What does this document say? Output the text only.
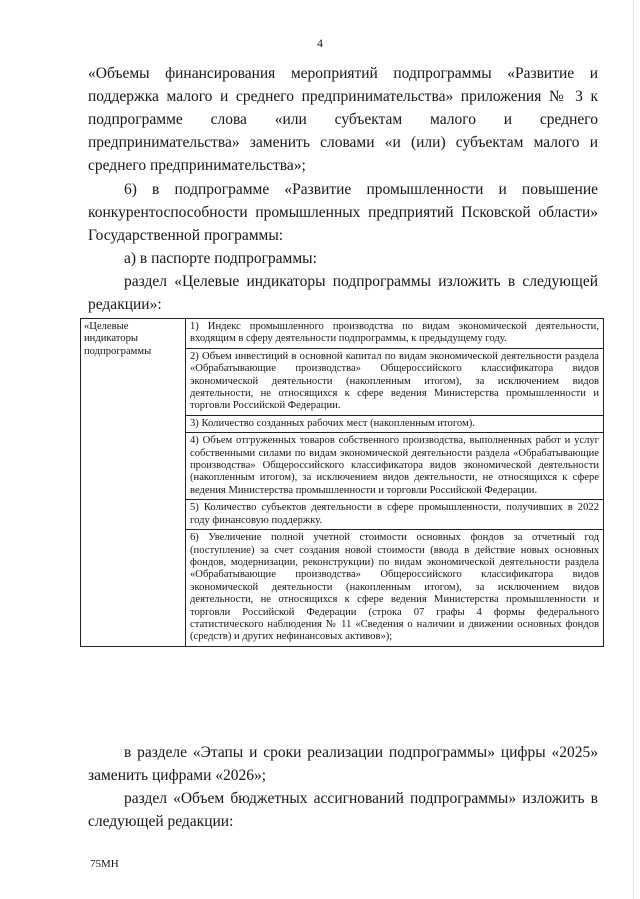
4
«Объемы финансирования мероприятий подпрограммы «Развитие и поддержка малого и среднего предпринимательства» приложения № 3 к подпрограмме слова «или субъектам малого и среднего предпринимательства» заменить словами «и (или) субъектам малого и среднего предпринимательства»;
6) в подпрограмме «Развитие промышленности и повышение конкурентоспособности промышленных предприятий Псковской области» Государственной программы:
а) в паспорте подпрограммы:
раздел «Целевые индикаторы подпрограммы изложить в следующей редакции»:
«Целевые индикаторы подпрограммы	
1) Индекс промышленного производства по видам экономической деятельности, входящим в сферу деятельности подпрограммы, к предыдущему году.
2) Объем инвестиций в основной капитал по видам экономической деятельности раздела «Обрабатывающие производства» Общероссийского классификатора видов экономической деятельности (накопленным итогом), за исключением видов деятельности, не относящихся к сфере ведения Министерства промышленности и торговли Российской Федерации.
3) Количество созданных рабочих мест (накопленным итогом).
4) Объем отгруженных товаров собственного производства, выполненных работ и услуг собственными силами по видам экономической деятельности раздела «Обрабатывающие производства» Общероссийского классификатора видов экономической деятельности (накопленным итогом), за исключением видов деятельности, не относящихся к сфере ведения Министерства промышленности и торговли Российской Федерации.
5) Количество субъектов деятельности в сфере промышленности, получивших в 2022 году финансовую поддержку.
6) Увеличение полной учетной стоимости основных фондов за отчетный год (поступление) за счет создания новой стоимости (ввода в действие новых основных фондов, модернизации, реконструкции) по видам экономической деятельности раздела «Обрабатывающие производства» Общероссийского классификатора видов экономической деятельности (накопленным итогом), за исключением видов деятельности, не относящихся к сфере ведения Министерства промышленности и торговли Российской Федерации (строка 07 графы 4 формы федерального статистического наблюдения № 11 «Сведения о наличии и движении основных фондов (средств) и других нефинансовых активов»);
в разделе «Этапы и сроки реализации подпрограммы» цифры «2025» заменить цифрами «2026»;
раздел «Объем бюджетных ассигнований подпрограммы» изложить в следующей редакции:
75МН
